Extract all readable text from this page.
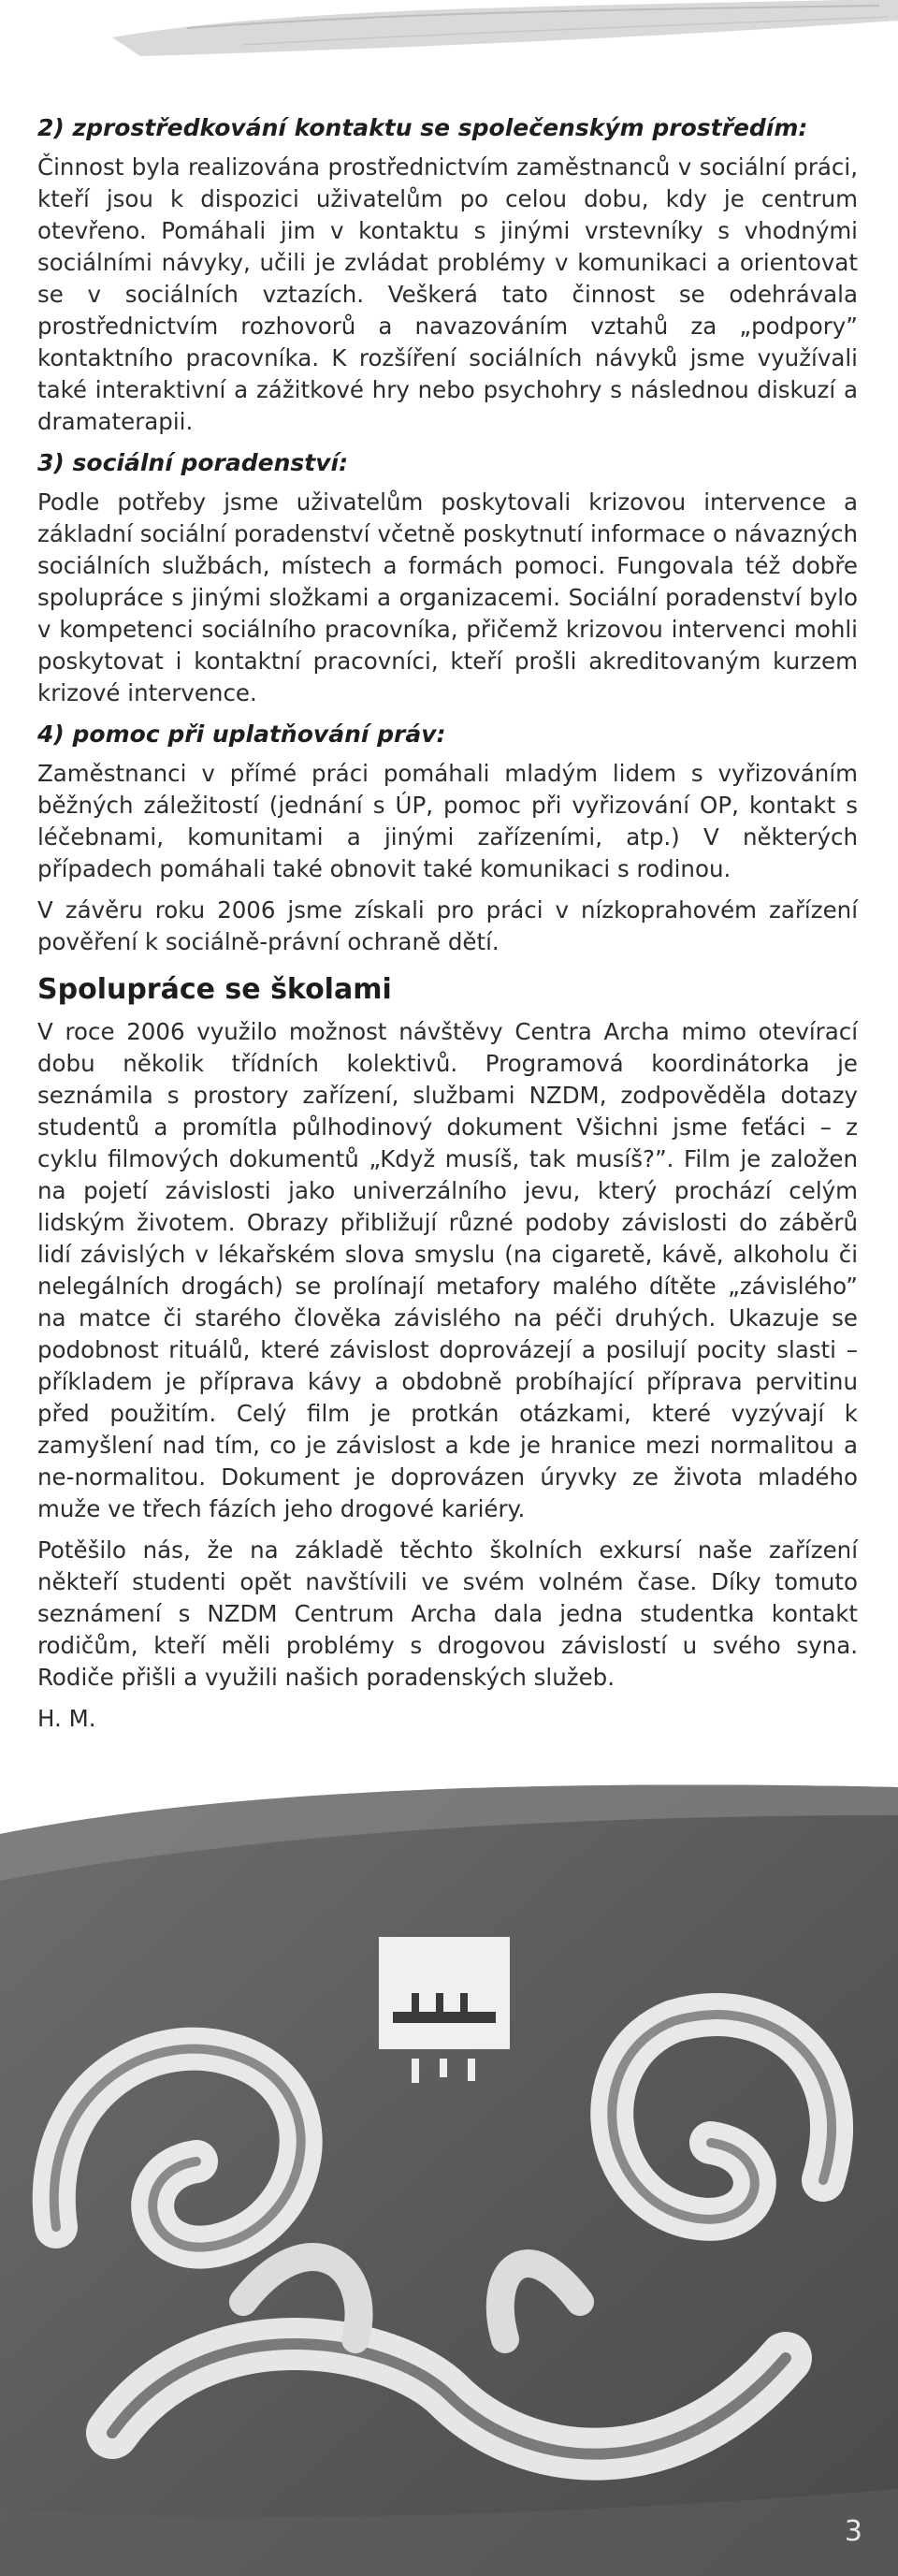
2) zprostředkování kontaktu se společenským prostředím:

Činnost byla realizována prostřednictvím zaměstnanců v sociální práci, kteří jsou k dispozici uživatelům po celou dobu, kdy je centrum otevřeno. Pomáhali jim v kontaktu s jinými vrstevníky s vhodnými sociálními návyky, učili je zvládat problémy v komunikaci a orientovat se v sociálních vztazích. Veškerá tato činnost se odehrávala prostřednictvím rozhovorů a navazováním vztahů za „podpory” kontaktního pracovníka. K rozšíření sociálních návyků jsme využívali také interaktivní a zážitkové hry nebo psychohry s následnou diskuzí a dramaterapii.

3) sociální poradenství:

Podle potřeby jsme uživatelům poskytovali krizovou intervence a základní sociální poradenství včetně poskytnutí informace o návazných sociálních službách, místech a formách pomoci. Fungovala též dobře spolupráce s jinými složkami a organizacemi. Sociální poradenství bylo v kompetenci sociálního pracovníka, přičemž krizovou intervenci mohli poskytovat i kontaktní pracovníci, kteří prošli akreditovaným kurzem krizové intervence.

4) pomoc při uplatňování práv:

Zaměstnanci v přímé práci pomáhali mladým lidem s vyřizováním běžných záležitostí (jednání s ÚP, pomoc při vyřizování OP, kontakt s léčebnami, komunitami a jinými zařízeními, atp.) V některých případech pomáhali také obnovit také komunikaci s rodinou.

V závěru roku 2006 jsme získali pro práci v nízkoprahovém zařízení pověření k sociálně-právní ochraně dětí.

Spolupráce se školami

V roce 2006 využilo možnost návštěvy Centra Archa mimo otevírací dobu několik třídních kolektivů. Programová koordinátorka je seznámila s prostory zařízení, službami NZDM, zodpověděla dotazy studentů a promítla půlhodinový dokument Všichni jsme feťáci – z cyklu filmových dokumentů „Když musíš, tak musíš?”. Film je založen na pojetí závislosti jako univerzálního jevu, který prochází celým lidským životem. Obrazy přibližují různé podoby závislosti do záběrů lidí závislých v lékařském slova smyslu (na cigaretě, kávě, alkoholu či nelegálních drogách) se prolínají metafory malého dítěte „závislého” na matce či starého člověka závislého na péči druhých. Ukazuje se podobnost rituálů, které závislost doprovázejí a posilují pocity slasti – příkladem je příprava kávy a obdobně probíhající příprava pervitinu před použitím. Celý film je protkán otázkami, které vyzývají k zamyšlení nad tím, co je závislost a kde je hranice mezi normalitou a ne-normalitou. Dokument je doprovázen úryvky ze života mladého muže ve třech fázích jeho drogové kariéry.

Potěšilo nás, že na základě těchto školních exkursí naše zařízení někteří studenti opět navštívili ve svém volném čase. Díky tomuto seznámení s NZDM Centrum Archa dala jedna studentka kontakt rodičům, kteří měli problémy s drogovou závislostí u svého syna. Rodiče přišli a využili našich poradenských služeb.

H. M.
3
